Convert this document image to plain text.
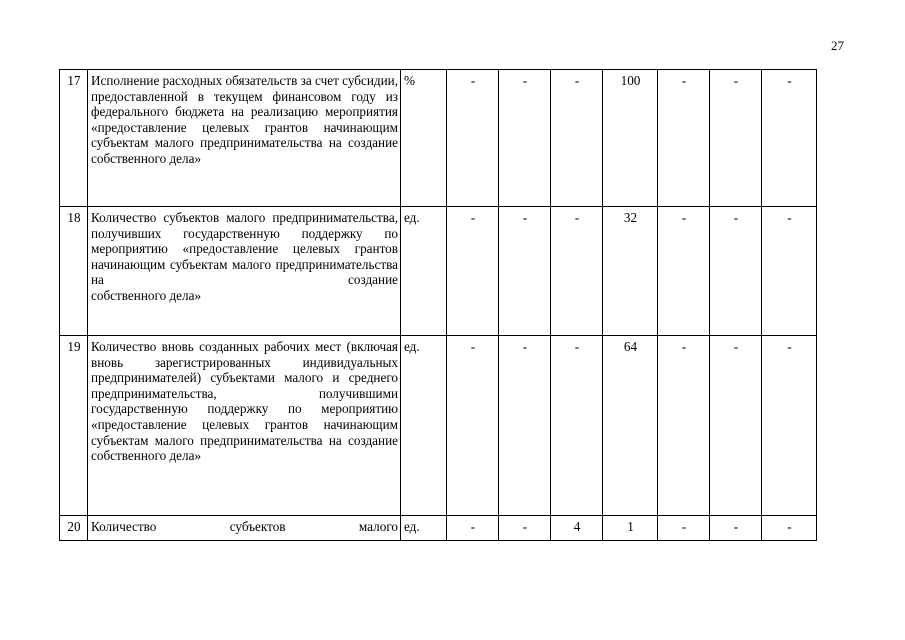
27
17	Исполнение расходных обязательств за счет субсидии, предоставленной в текущем финансовом году из федерального бюджета на реализацию мероприятия «предоставление целевых грантов начинающим субъектам малого предпринимательства на создание
собственного дела»	%	-	-	-	100	-	-	-
18	Количество субъектов малого предпринимательства, получивших государственную поддержку по мероприятию «предоставление целевых грантов начинающим субъектам малого предпринимательства на создание
собственного дела»	ед.	-	-	-	32	-	-	-
19	Количество вновь созданных рабочих мест (включая вновь зарегистрированных индивидуальных предпринимателей) субъектами малого и среднего предпринимательства, получившими государственную поддержку по мероприятию «предоставление целевых грантов начинающим субъектам малого предпринимательства на создание
собственного дела»	ед.	-	-	-	64	-	-	-
20	Количество субъектов малого	ед.	-	-	4	1	-	-	-
